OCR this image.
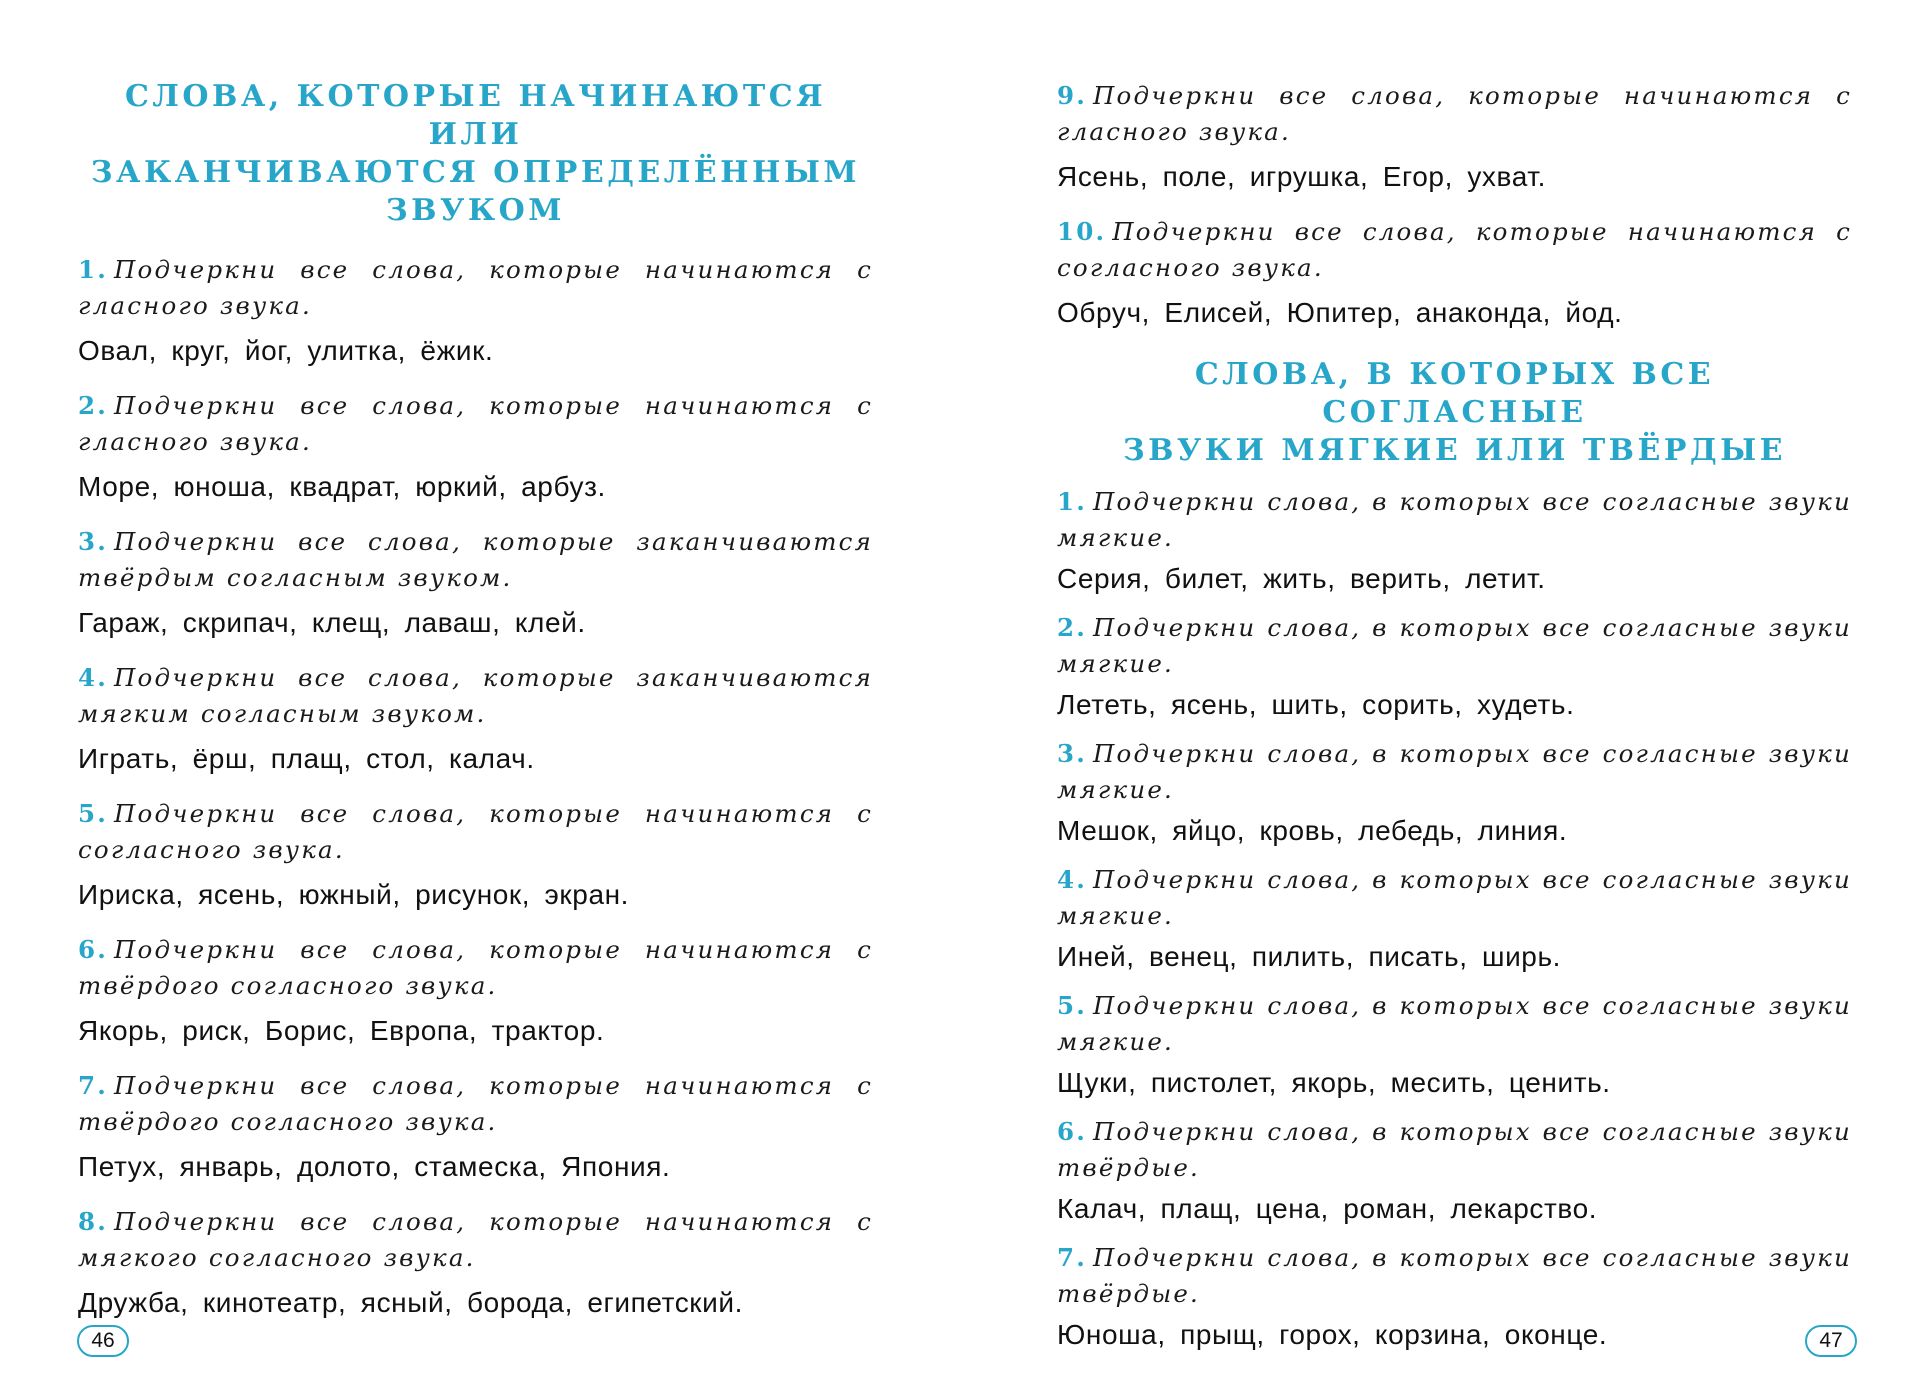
СЛОВА, КОТОРЫЕ НАЧИНАЮТСЯ ИЛИ
ЗАКАНЧИВАЮТСЯ ОПРЕДЕЛЁННЫМ
ЗВУКОМ
1. Подчеркни все слова, которые начинаются с гласного звука.
Овал, круг, йог, улитка, ёжик.
2. Подчеркни все слова, которые начинаются с гласного звука.
Море, юноша, квадрат, юркий, арбуз.
3. Подчеркни все слова, которые заканчиваются твёрдым согласным звуком.
Гараж, скрипач, клещ, лаваш, клей.
4. Подчеркни все слова, которые заканчиваются мягким согласным звуком.
Играть, ёрш, плащ, стол, калач.
5. Подчеркни все слова, которые начинаются с согласного звука.
Ириска, ясень, южный, рисунок, экран.
6. Подчеркни все слова, которые начинаются с твёрдого согласного звука.
Якорь, риск, Борис, Европа, трактор.
7. Подчеркни все слова, которые начинаются с твёрдого согласного звука.
Петух, январь, долото, стамеска, Япония.
8. Подчеркни все слова, которые начинаются с мягкого согласного звука.
Дружба, кинотеатр, ясный, борода, египетский.
46
9. Подчеркни все слова, которые начинаются с гласного звука.
Ясень, поле, игрушка, Егор, ухват.
10. Подчеркни все слова, которые начинаются с согласного звука.
Обруч, Елисей, Юпитер, анаконда, йод.
СЛОВА, В КОТОРЫХ ВСЕ СОГЛАСНЫЕ
ЗВУКИ МЯГКИЕ ИЛИ ТВЁРДЫЕ
1. Подчеркни слова, в которых все согласные звуки мягкие.
Серия, билет, жить, верить, летит.
2. Подчеркни слова, в которых все согласные звуки мягкие.
Лететь, ясень, шить, сорить, худеть.
3. Подчеркни слова, в которых все согласные звуки мягкие.
Мешок, яйцо, кровь, лебедь, линия.
4. Подчеркни слова, в которых все согласные звуки мягкие.
Иней, венец, пилить, писать, ширь.
5. Подчеркни слова, в которых все согласные звуки мягкие.
Щуки, пистолет, якорь, месить, ценить.
6. Подчеркни слова, в которых все согласные звуки твёрдые.
Калач, плащ, цена, роман, лекарство.
7. Подчеркни слова, в которых все согласные звуки твёрдые.
Юноша, прыщ, горох, корзина, оконце.	47
